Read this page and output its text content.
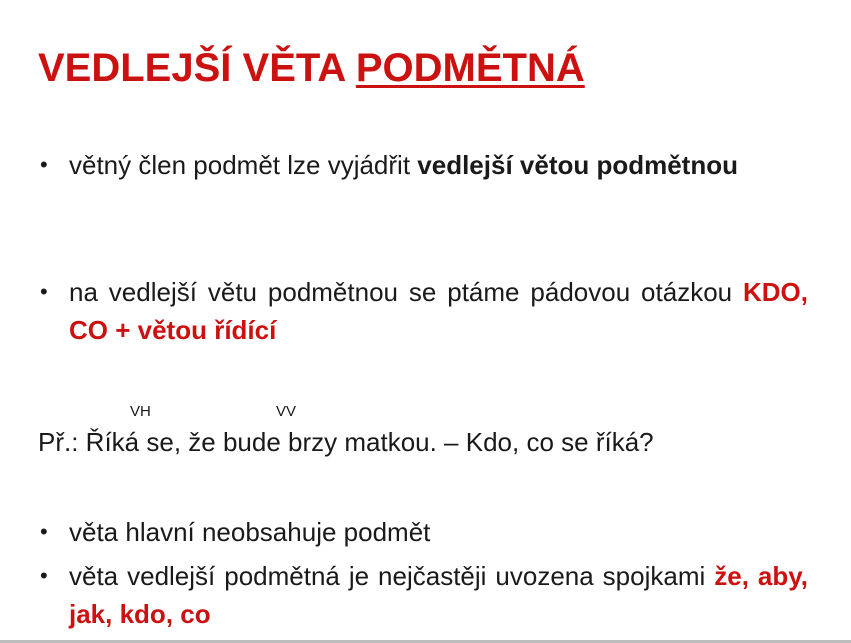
VEDLEJŠÍ VĚTA PODMĚTNÁ
• větný člen podmět lze vyjádřit vedlejší větou podmětnou
• na vedlejší větu podmětnou se ptáme pádovou otázkou KDO, CO + větou řídící
VH	VV
Př.: Říká se, že bude brzy matkou. – Kdo, co se říká?
• věta hlavní neobsahuje podmět
• věta vedlejší podmětná je nejčastěji uvozena spojkami že, aby, jak, kdo, co
